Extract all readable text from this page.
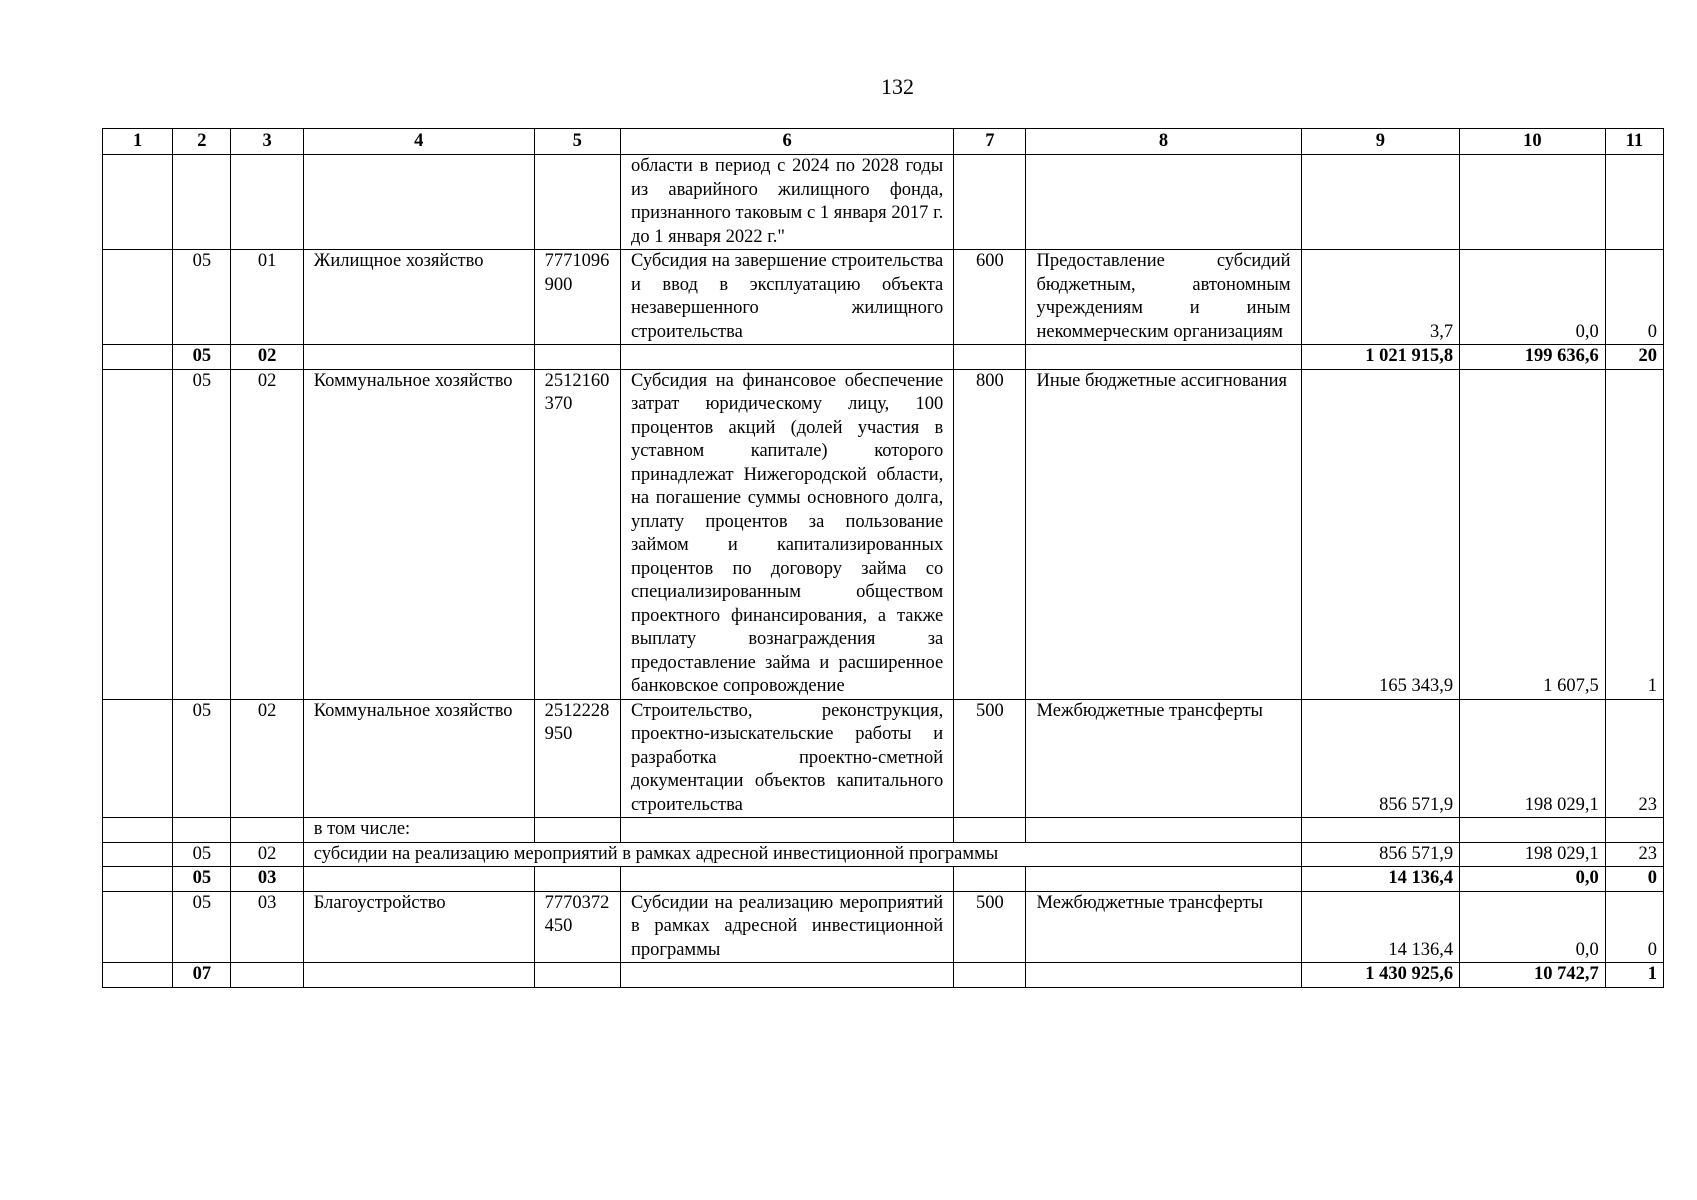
132
1	2	3	4	5	6	7	8	9	10	11
					области в период с 2024 по 2028 годы из аварийного жилищного фонда, признанного таковым с 1 января 2017 г. до 1 января 2022 г."					
	05	01	Жилищное хозяйство	7771096900	Субсидия на завершение строительства и ввод в эксплуатацию объекта незавершенного жилищного строительства	600	Предоставление субсидий бюджетным, автономным учреждениям и иным некоммерческим организациям	3,7	0,0	0
	05	02						1 021 915,8	199 636,6	20
	05	02	Коммунальное хозяйство	2512160370	Субсидия на финансовое обеспечение затрат юридическому лицу, 100 процентов акций (долей участия в уставном капитале) которого принадлежат Нижегородской области, на погашение суммы основного долга, уплату процентов за пользование займом и капитализированных процентов по договору займа со специализированным обществом проектного финансирования, а также выплату вознаграждения за предоставление займа и расширенное банковское сопровождение	800	Иные бюджетные ассигнования	165 343,9	1 607,5	1
	05	02	Коммунальное хозяйство	2512228950	Строительство, реконструкция, проектно-изыскательские работы и разработка проектно-сметной документации объектов капитального строительства	500	Межбюджетные трансферты	856 571,9	198 029,1	23
			в том числе:							
	05	02	субсидии на реализацию мероприятий в рамках адресной инвестиционной программы					856 571,9	198 029,1	23
	05	03						14 136,4	0,0	0
	05	03	Благоустройство	7770372450	Субсидии на реализацию мероприятий в рамках адресной инвестиционной программы	500	Межбюджетные трансферты	14 136,4	0,0	0
	07							1 430 925,6	10 742,7	1
